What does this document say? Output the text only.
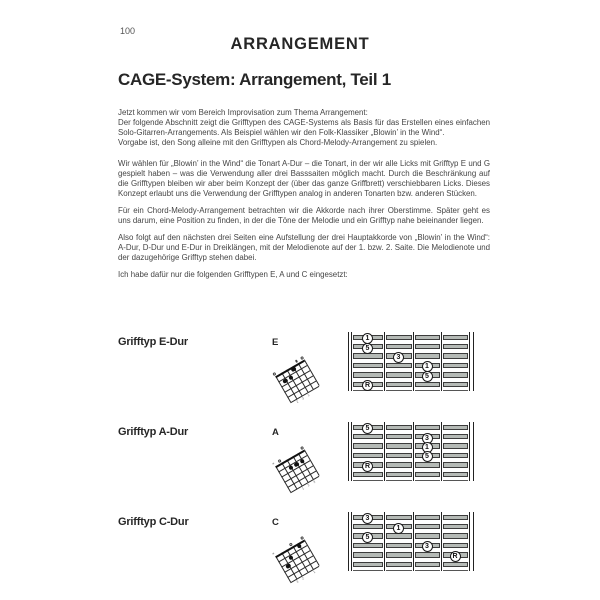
100
ARRANGEMENT
CAGE-System: Arrangement, Teil 1

Jetzt kommen wir vom Bereich Improvisation zum Thema Arrangement:

Der folgende Abschnitt zeigt die Grifftypen des CAGE-Systems als Basis für das Erstellen eines einfachen Solo-Gitarren-Arrangements. Als Beispiel wählen wir den Folk-Klassiker „Blowin’ in the Wind“.

Vorgabe ist, den Song alleine mit den Grifftypen als Chord-Melody-Arrangement zu spielen.

Wir wählen für „Blowin’ in the Wind“ die Tonart A-Dur – die Tonart, in der wir alle Licks mit Grifftyp E und G gespielt haben – was die Verwendung aller drei Basssaiten möglich macht. Durch die Beschränkung auf die Grifftypen bleiben wir aber beim Konzept der (über das ganze Griffbrett) verschiebbaren Licks. Dieses Konzept erlaubt uns die Verwendung der Grifftypen analog in anderen Tonarten bzw. anderen Stücken.

Für ein Chord-Melody-Arrangement betrachten wir die Akkorde nach ihrer Oberstimme. Später geht es uns darum, eine Position zu finden, in der die Töne der Melodie und ein Grifftyp nahe beieinander liegen.

Also folgt auf den nächsten drei Seiten eine Aufstellung der drei Hauptakkorde von „Blowin’ in the Wind“: A-Dur, D-Dur und E-Dur in Dreiklängen, mit der Melodienote auf der 1. bzw. 2. Saite. Die Melodienote und der dazugehörige Grifftyp stehen dabei.

Ich habe dafür nur die folgenden Grifftypen E, A und C eingesetzt:

Grifftyp E-Dur	E
2
3
1
1
5
3
1
5
R
Grifftyp A-Dur	A
×
1
2
3
5
3
1
5
R
Grifftyp C-Dur	C
×
3
2
1
3
1
5
3
R
